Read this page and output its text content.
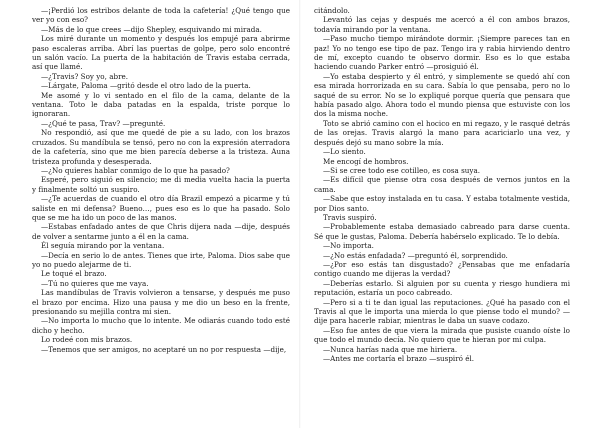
—¡Perdió los estribos delante de toda la cafetería! ¿Qué tengo que ver yo con eso?

—Más de lo que crees —dijo Shepley, esquivando mi mirada.

Los miré durante un momento y después los empujé para abrirme paso escaleras arriba. Abrí las puertas de golpe, pero solo encontré un salón vacío. La puerta de la habitación de Travis estaba cerrada, así que llamé.

—¿Travis? Soy yo, abre.

—Lárgate, Paloma —gritó desde el otro lado de la puerta.

Me asomé y lo vi sentado en el filo de la cama, delante de la ventana. Toto le daba patadas en la espalda, triste porque lo ignoraran.

—¿Qué te pasa, Trav? —pregunté.

No respondió, así que me quedé de pie a su lado, con los brazos cruzados. Su mandíbula se tensó, pero no con la expresión aterradora de la cafetería, sino que me bien parecía deberse a la tristeza. Auna tristeza profunda y desesperada.

—¿No quieres hablar conmigo de lo que ha pasado?

Esperé, pero siguió en silencio; me di media vuelta hacia la puerta y finalmente soltó un suspiro.

—¿Te acuerdas de cuando el otro día Brazil empezó a picarme y tú saliste en mi defensa? Bueno…, pues eso es lo que ha pasado. Solo que se me ha ido un poco de las manos.

—Estabas enfadado antes de que Chris dijera nada —dije, después de volver a sentarme junto a él en la cama.

Él seguía mirando por la ventana.

—Decía en serio lo de antes. Tienes que irte, Paloma. Dios sabe que yo no puedo alejarme de ti.

Le toqué el brazo.

—Tú no quieres que me vaya.

Las mandíbulas de Travis volvieron a tensarse, y después me puso el brazo por encima. Hizo una pausa y me dio un beso en la frente, presionando su mejilla contra mi sien.

—No importa lo mucho que lo intente. Me odiarás cuando todo esté dicho y hecho.

Lo rodeé con mis brazos.

—Tenemos que ser amigos, no aceptaré un no por respuesta —dije,

citándolo.

Levantó las cejas y después me acercó a él con ambos brazos, todavía mirando por la ventana.

—Paso mucho tiempo mirándote dormir. ¡Siempre pareces tan en paz! Yo no tengo ese tipo de paz. Tengo ira y rabia hirviendo dentro de mí, excepto cuando te observo dormir. Eso es lo que estaba haciendo cuando Parker entró —prosiguió él.

—Yo estaba despierto y él entró, y simplemente se quedó ahí con esa mirada horrorizada en su cara. Sabía lo que pensaba, pero no lo saqué de su error. No se lo expliqué porque quería que pensara que había pasado algo. Ahora todo el mundo piensa que estuviste con los dos la misma noche.

Toto se abrió camino con el hocico en mi regazo, y le rasqué detrás de las orejas. Travis alargó la mano para acariciarlo una vez, y después dejó su mano sobre la mía.

—Lo siento.

Me encogí de hombros.

—Si se cree todo ese cotilleo, es cosa suya.

—Es difícil que piense otra cosa después de vernos juntos en la cama.

—Sabe que estoy instalada en tu casa. Y estaba totalmente vestida, por Dios santo.

Travis suspiró.

—Probablemente estaba demasiado cabreado para darse cuenta. Sé que le gustas, Paloma. Debería habérselo explicado. Te lo debía.

—No importa.

—¿No estás enfadada? —preguntó él, sorprendido.

—¿Por eso estás tan disgustado? ¿Pensabas que me enfadaría contigo cuando me dijeras la verdad?

—Deberías estarlo. Si alguien por su cuenta y riesgo hundiera mi reputación, estaría un poco cabreado.

—Pero si a ti te dan igual las reputaciones. ¿Qué ha pasado con el Travis al que le importa una mierda lo que piense todo el mundo? —dije para hacerle rabiar, mientras le daba un suave codazo.

—Eso fue antes de que viera la mirada que pusiste cuando oíste lo que todo el mundo decía. No quiero que te hieran por mi culpa.

—Nunca harías nada que me hiriera.

—Antes me cortaría el brazo —suspiró él.
